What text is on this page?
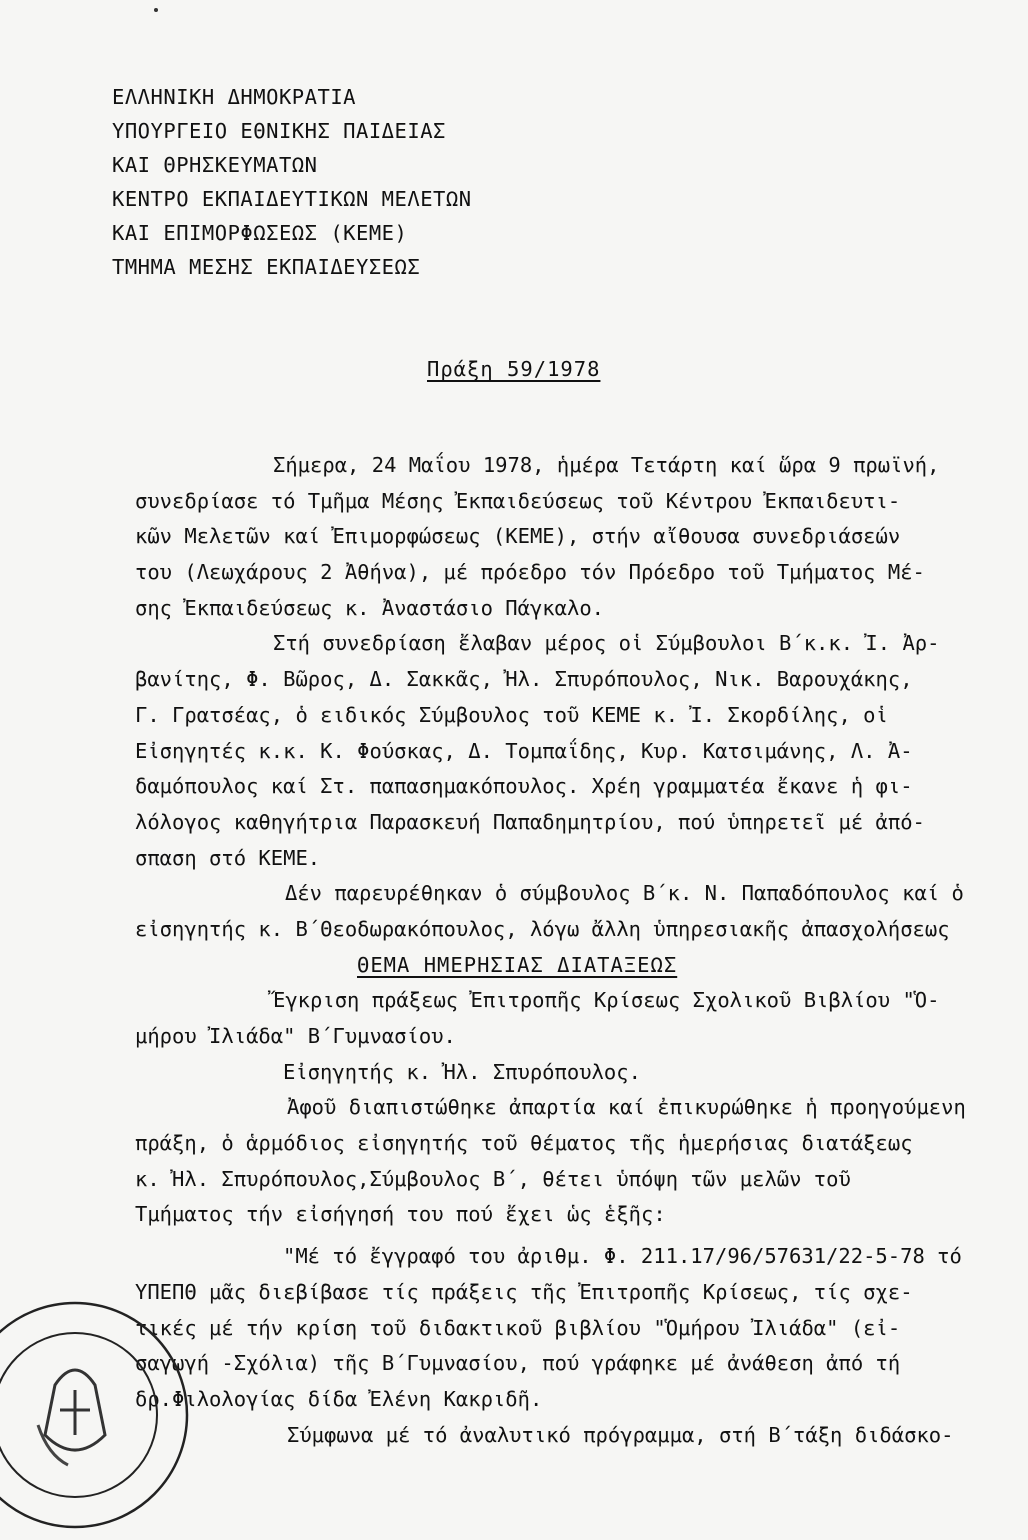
ΕΛΛΗΝΙΚΗ ΔΗΜΟΚΡΑΤΙΑ
ΥΠΟΥΡΓΕΙΟ ΕΘΝΙΚΗΣ ΠΑΙΔΕΙΑΣ
ΚΑΙ ΘΡΗΣΚΕΥΜΑΤΩΝ
ΚΕΝΤΡΟ ΕΚΠΑΙΔΕΥΤΙΚΩΝ ΜΕΛΕΤΩΝ
ΚΑΙ ΕΠΙΜΟΡΦΩΣΕΩΣ (ΚΕΜΕ)
ΤΜΗΜΑ ΜΕΣΗΣ ΕΚΠΑΙΔΕΥΣΕΩΣ
Πράξη 59/1978
Σήμερα, 24 Μαΐου 1978, ἡμέρα Τετάρτη καί ὥρα 9 πρωϊνή,
συνεδρίασε τό Τμῆμα Μέσης Ἐκπαιδεύσεως τοῦ Κέντρου Ἐκπαιδευτι-
κῶν Μελετῶν καί Ἐπιμορφώσεως (ΚΕΜΕ), στήν αἴθουσα συνεδριάσεών
του (Λεωχάρους 2 Ἀθήνα), μέ πρόεδρο τόν Πρόεδρο τοῦ Τμήματος Μέ-
σης Ἐκπαιδεύσεως κ. Ἀναστάσιο Πάγκαλο.
Στή συνεδρίαση ἔλαβαν μέρος οἱ Σύμβουλοι Β΄κ.κ. Ἰ. Ἀρ-
βανίτης, Φ. Βῶρος, Δ. Σακκᾶς, Ἠλ. Σπυρόπουλος, Νικ. Βαρουχάκης,
Γ. Γρατσέας, ὁ ειδικός Σύμβουλος τοῦ ΚΕΜΕ κ. Ἰ. Σκορδίλης, οἱ
Εἰσηγητές κ.κ. Κ. Φούσκας, Δ. Τομπαΐδης, Κυρ. Κατσιμάνης, Λ. Ἀ-
δαμόπουλος καί Στ. παπασημακόπουλος. Χρέη γραμματέα ἔκανε ἡ φι-
λόλογος καθηγήτρια Παρασκευή Παπαδημητρίου, πού ὑπηρετεῖ μέ ἀπό-
σπαση στό ΚΕΜΕ.
Δέν παρευρέθηκαν ὁ σύμβουλος Β΄κ. Ν. Παπαδόπουλος καί ὁ
εἰσηγητής κ. Β΄Θεοδωρακόπουλος, λόγω ἄλλη ὑπηρεσιακῆς ἀπασχολήσεως
ΘΕΜΑ ΗΜΕΡΗΣΙΑΣ ΔΙΑΤΑΞΕΩΣ
Ἔγκριση πράξεως Ἐπιτροπῆς Κρίσεως Σχολικοῦ Βιβλίου "Ὁ-
μήρου Ἰλιάδα" Β΄Γυμνασίου.
Εἰσηγητής κ. Ἠλ. Σπυρόπουλος.
Ἀφοῦ διαπιστώθηκε ἀπαρτία καί ἐπικυρώθηκε ἡ προηγούμενη
πράξη, ὁ ἁρμόδιος εἰσηγητής τοῦ θέματος τῆς ἡμερήσιας διατάξεως
κ. Ἠλ. Σπυρόπουλος,Σύμβουλος Β΄, θέτει ὑπόψη τῶν μελῶν τοῦ
Τμήματος τήν εἰσήγησή του πού ἔχει ὡς ἑξῆς:
"Μέ τό ἔγγραφό του ἀριθμ. Φ. 211.17/96/57631/22-5-78 τό
ΥΠΕΠΘ μᾶς διεβίβασε τίς πράξεις τῆς Ἐπιτροπῆς Κρίσεως, τίς σχε-
τικές μέ τήν κρίση τοῦ διδακτικοῦ βιβλίου "Ὁμήρου Ἰλιάδα" (εἰ-
σαγωγή -Σχόλια) τῆς Β΄Γυμνασίου, πού γράφηκε μέ ἀνάθεση ἀπό τή
δρ.Φιλολογίας δίδα Ἐλένη Κακριδῆ.
Σύμφωνα μέ τό ἀναλυτικό πρόγραμμα, στή Β΄τάξη διδάσκο-
